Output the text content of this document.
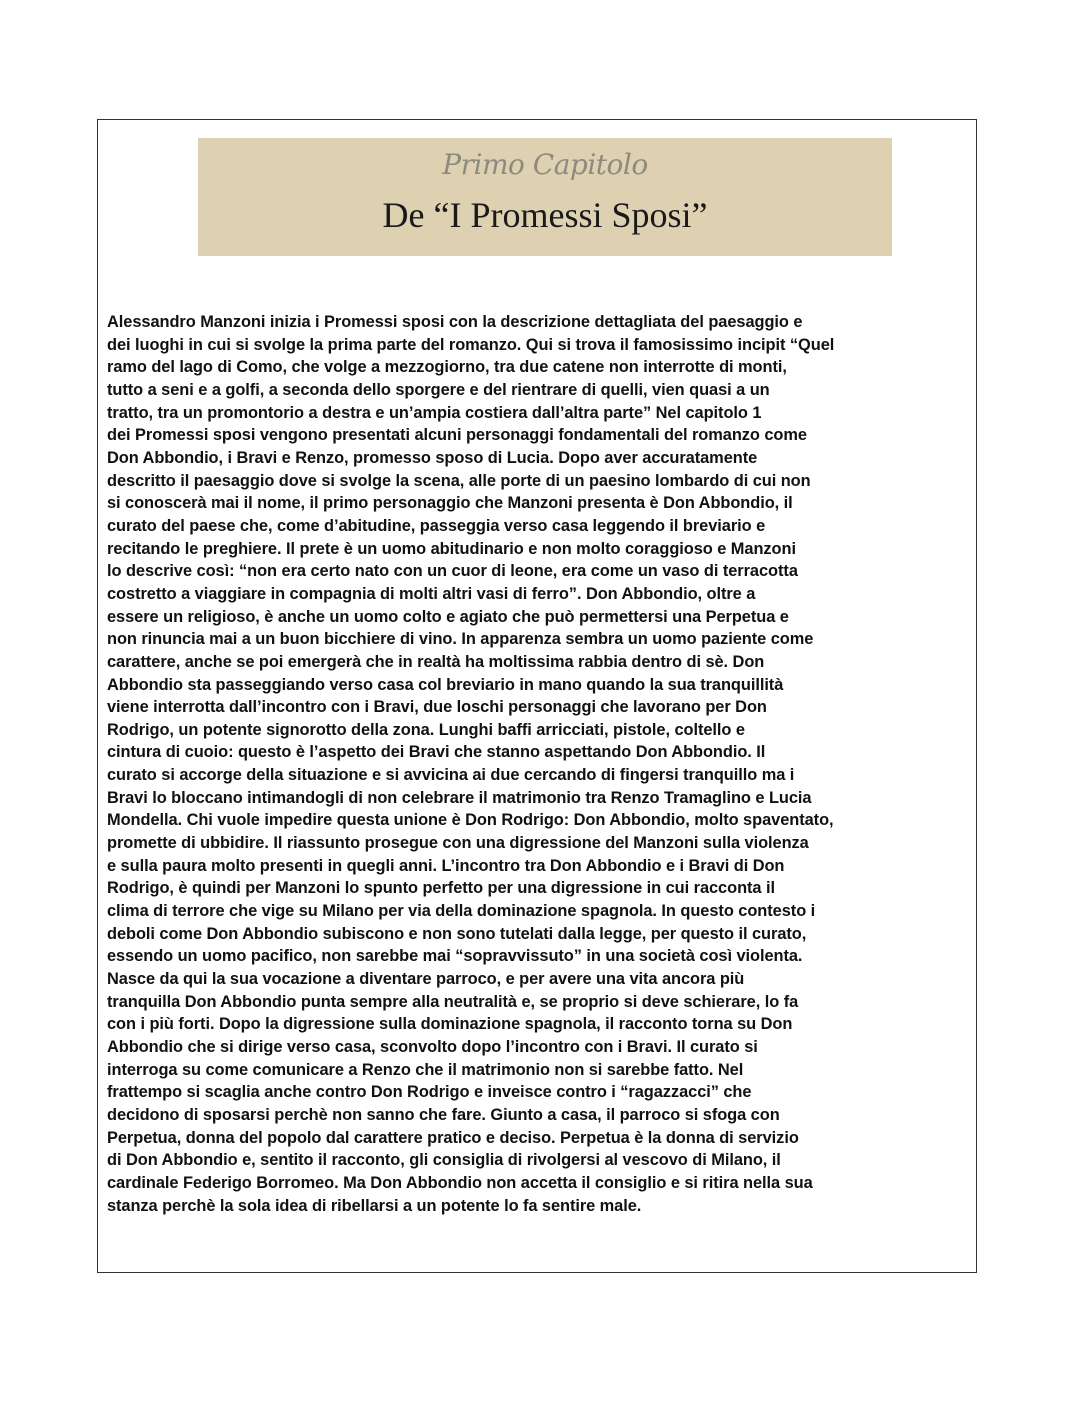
Primo Capitolo
De “I Promessi Sposi”
Alessandro Manzoni inizia i Promessi sposi con la descrizione dettagliata del paesaggio e
dei luoghi in cui si svolge la prima parte del romanzo. Qui si trova il famosissimo incipit “Quel
ramo del lago di Como, che volge a mezzogiorno, tra due catene non interrotte di monti,
tutto a seni e a golfi, a seconda dello sporgere e del rientrare di quelli, vien quasi a un
tratto, tra un promontorio a destra e un’ampia costiera dall’altra parte” Nel capitolo 1
dei Promessi sposi vengono presentati alcuni personaggi fondamentali del romanzo come
Don Abbondio, i Bravi e Renzo, promesso sposo di Lucia. Dopo aver accuratamente
descritto il paesaggio dove si svolge la scena, alle porte di un paesino lombardo di cui non
si conoscerà mai il nome, il primo personaggio che Manzoni presenta è Don Abbondio, il
curato del paese che, come d’abitudine, passeggia verso casa leggendo il breviario e
recitando le preghiere. Il prete è un uomo abitudinario e non molto coraggioso e Manzoni
lo descrive così: “non era certo nato con un cuor di leone, era come un vaso di terracotta
costretto a viaggiare in compagnia di molti altri vasi di ferro”. Don Abbondio, oltre a
essere un religioso, è anche un uomo colto e agiato che può permettersi una Perpetua e
non rinuncia mai a un buon bicchiere di vino. In apparenza sembra un uomo paziente come
carattere, anche se poi emergerà che in realtà ha moltissima rabbia dentro di sè. Don
Abbondio sta passeggiando verso casa col breviario in mano quando la sua tranquillità
viene interrotta dall’incontro con i Bravi, due loschi personaggi che lavorano per Don
Rodrigo, un potente signorotto della zona. Lunghi baffi arricciati, pistole, coltello e
cintura di cuoio: questo è l’aspetto dei Bravi che stanno aspettando Don Abbondio. Il
curato si accorge della situazione e si avvicina ai due cercando di fingersi tranquillo ma i
Bravi lo bloccano intimandogli di non celebrare il matrimonio tra Renzo Tramaglino e Lucia
Mondella. Chi vuole impedire questa unione è Don Rodrigo: Don Abbondio, molto spaventato,
promette di ubbidire. Il riassunto prosegue con una digressione del Manzoni sulla violenza
e sulla paura molto presenti in quegli anni. L’incontro tra Don Abbondio e i Bravi di Don
Rodrigo, è quindi per Manzoni lo spunto perfetto per una digressione in cui racconta il
clima di terrore che vige su Milano per via della dominazione spagnola. In questo contesto i
deboli come Don Abbondio subiscono e non sono tutelati dalla legge, per questo il curato,
essendo un uomo pacifico, non sarebbe mai “sopravvissuto” in una società così violenta.
Nasce da qui la sua vocazione a diventare parroco, e per avere una vita ancora più
tranquilla Don Abbondio punta sempre alla neutralità e, se proprio si deve schierare, lo fa
con i più forti. Dopo la digressione sulla dominazione spagnola, il racconto torna su Don
Abbondio che si dirige verso casa, sconvolto dopo l’incontro con i Bravi. Il curato si
interroga su come comunicare a Renzo che il matrimonio non si sarebbe fatto. Nel
frattempo si scaglia anche contro Don Rodrigo e inveisce contro i “ragazzacci” che
decidono di sposarsi perchè non sanno che fare. Giunto a casa, il parroco si sfoga con
Perpetua, donna del popolo dal carattere pratico e deciso. Perpetua è la donna di servizio
di Don Abbondio e, sentito il racconto, gli consiglia di rivolgersi al vescovo di Milano, il
cardinale Federigo Borromeo. Ma Don Abbondio non accetta il consiglio e si ritira nella sua
stanza perchè la sola idea di ribellarsi a un potente lo fa sentire male.
